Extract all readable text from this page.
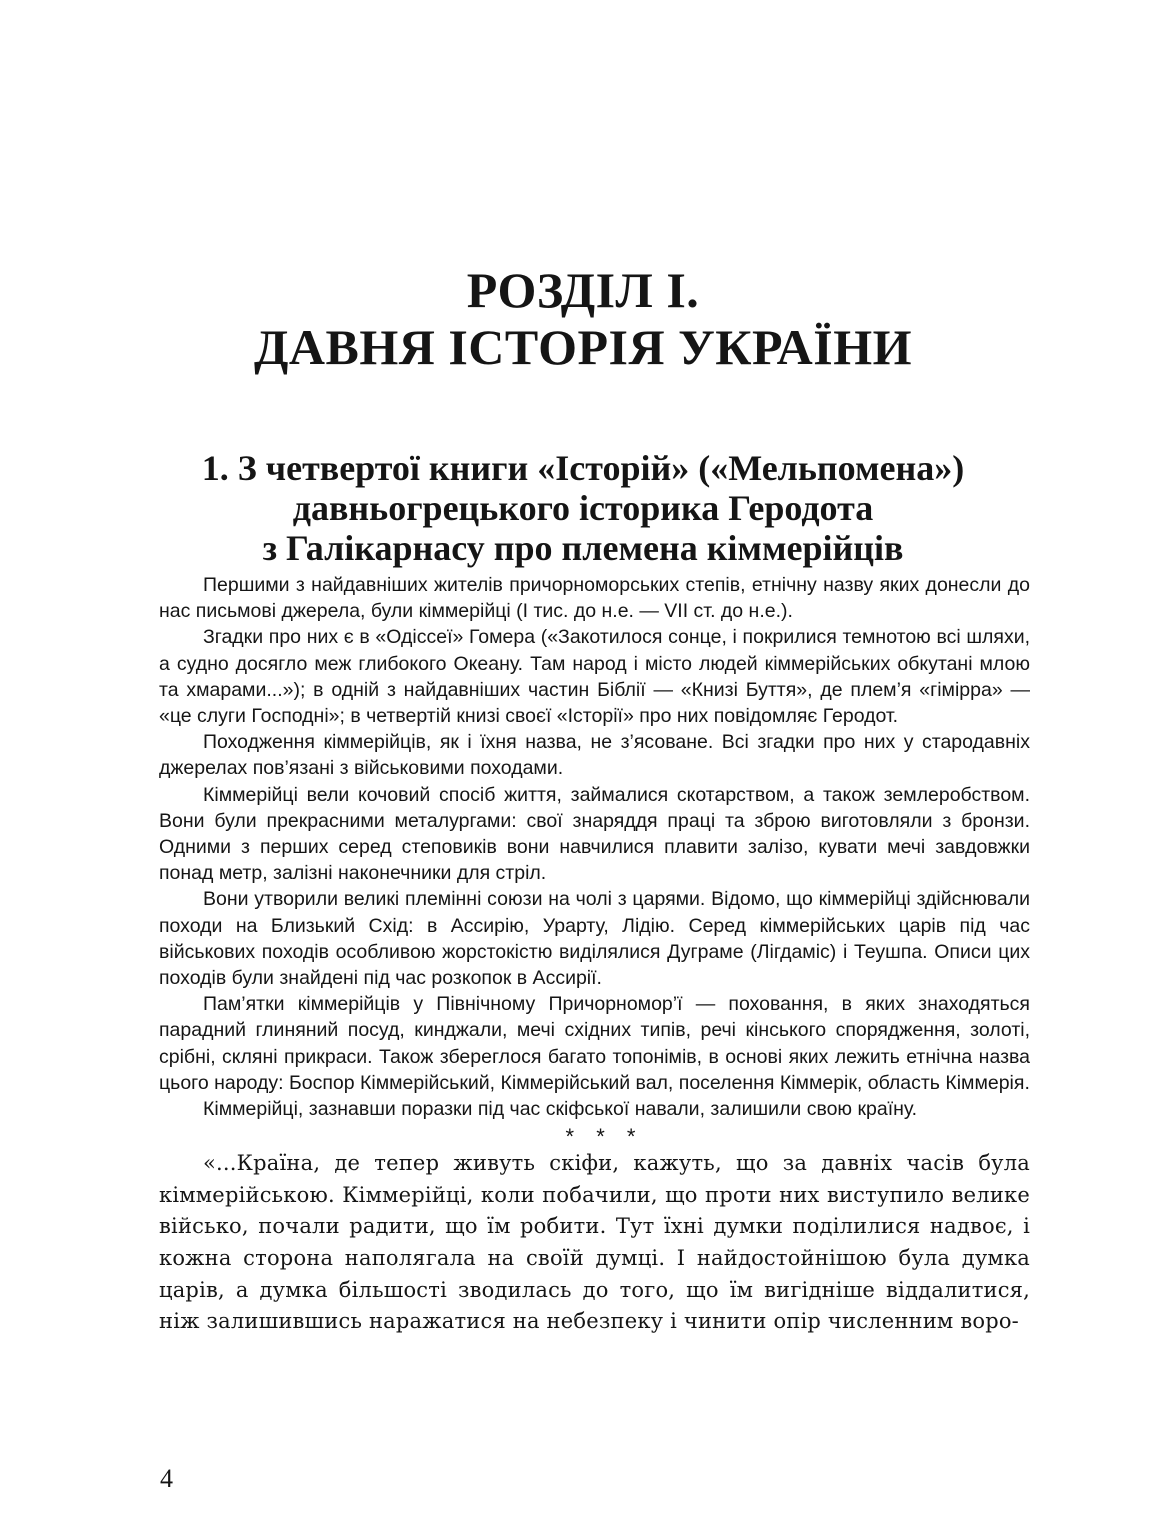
РОЗДІЛ І.
ДАВНЯ ІСТОРІЯ УКРАЇНИ
1. З четвертої книги «Історій» («Мельпомена»)
давньогрецького історика Геродота
з Галікарнасу про племена кіммерійців

Першими з найдавніших жителів причорноморських степів, етнічну назву яких донесли до нас письмові джерела, були кіммерійці (І тис. до н.е. — VII ст. до н.е.).

Згадки про них є в «Одіссеї» Гомера («Закотилося сонце, і покрилися темнотою всі шляхи, а судно досягло меж глибокого Океану. Там народ і місто людей кіммерійських обкутані млою та хмарами...»); в одній з найдавніших частин Біблії — «Книзі Буття», де плем’я «гімірра» — «це слуги Господні»; в четвертій книзі своєї «Історії» про них повідомляє Геродот.

Походження кіммерійців, як і їхня назва, не з’ясоване. Всі згадки про них у стародавніх джерелах пов’язані з військовими походами.

Кіммерійці вели кочовий спосіб життя, займалися скотарством, а також землеробством. Вони були прекрасними металургами: свої знаряддя праці та зброю виготовляли з бронзи. Одними з перших серед степовиків вони навчилися плавити залізо, кувати мечі завдовжки понад метр, залізні наконечники для стріл.

Вони утворили великі племінні союзи на чолі з царями. Відомо, що кіммерійці здійснювали походи на Близький Схід: в Ассирію, Урарту, Лідію. Серед кіммерійських царів під час військових походів особливою жорстокістю виділялися Дуграме (Лігдаміс) і Теушпа. Описи цих походів були знайдені під час розкопок в Ассирії.

Пам’ятки кіммерійців у Північному Причорномор’ї — поховання, в яких знаходяться парадний глиняний посуд, кинджали, мечі східних типів, речі кінського спорядження, золоті, срібні, скляні прикраси. Також збереглося багато топонімів, в основі яких лежить етнічна назва цього народу: Боспор Кіммерійський, Кіммерійський вал, поселення Кіммерік, область Кіммерія.

Кіммерійці, зазнавши поразки під час скіфської навали, залишили свою країну.

* * *

«...Країна, де тепер живуть скіфи, кажуть, що за давніх часів була кіммерійською. Кіммерійці, коли побачили, що проти них виступило велике військо, почали радити, що їм робити. Тут їхні думки поділилися надвоє, і кожна сторона наполягала на своїй думці. І найдостойнішою була думка царів, а думка більшості зводилась до того, що їм вигідніше віддалитися, ніж залишившись наражатися на небезпеку і чинити опір численним воро-

4
